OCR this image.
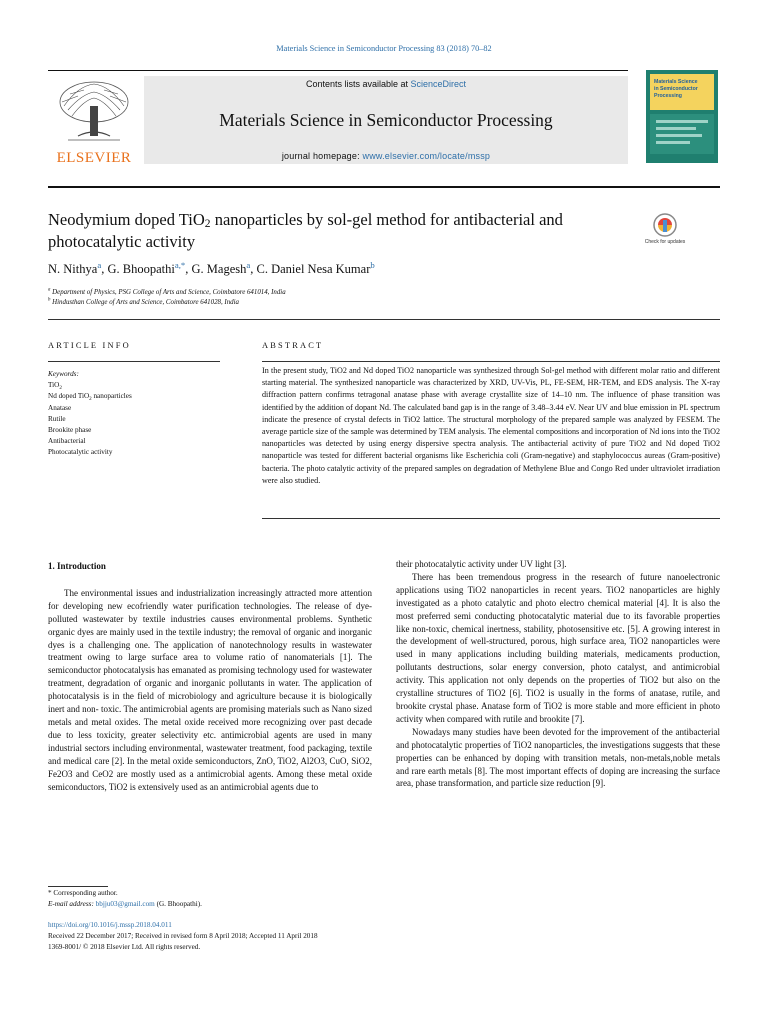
Materials Science in Semiconductor Processing 83 (2018) 70–82
ELSEVIER
Contents lists available at ScienceDirect
Materials Science in Semiconductor Processing
journal homepage: www.elsevier.com/locate/mssp
Materials Science
in Semiconductor
Processing
Neodymium doped TiO$_2$ nanoparticles by sol-gel method for antibacterial and photocatalytic activity	Check for updates
N. Nithya$^a$, G. Bhoopathi$^{a,*}$, G. Magesh$^a$, C. Daniel Nesa Kumar$^b$
$^a$ Department of Physics, PSG College of Arts and Science, Coimbatore 641014, India
$^b$ Hindusthan College of Arts and Science, Coimbatore 641028, India
ARTICLE INFO	ABSTRACT
Keywords:
TiO$_2$
Nd doped TiO$_2$ nanoparticles
Anatase
Rutile
Brookite phase
Antibacterial
Photocatalytic activity
In the present study, TiO2 and Nd doped TiO2 nanoparticle was synthesized through Sol-gel method with different molar ratio and different starting material. The synthesized nanoparticle was characterized by XRD, UV-Vis, PL, FE-SEM, HR-TEM, and EDS analysis. The X-ray diffraction pattern confirms tetragonal anatase phase with average crystallite size of 14–10 nm. The influence of phase transition was identified by the addition of dopant Nd. The calculated band gap is in the range of 3.48–3.44 eV. Near UV and blue emission in PL spectrum indicate the presence of crystal defects in TiO2 lattice. The structural morphology of the prepared sample was analyzed by FESEM. The average particle size of the sample was determined by TEM analysis. The elemental compositions and incorporation of Nd ions into the TiO2 nanoparticles was detected by using energy dispersive spectra analysis. The antibacterial activity of pure TiO2 and Nd doped TiO2 nanoparticle was tested for different bacterial organisms like Escherichia coli (Gram-negative) and staphylococcus aureas (Gram-positive) bacteria. The photo catalytic activity of the prepared samples on degradation of Methylene Blue and Congo Red under ultraviolet irradiation were also studied.
1. Introduction

The environmental issues and industrialization increasingly attracted more attention for developing new ecofriendly water purification technologies. The release of dye-polluted wastewater by textile industries causes environmental problems. Synthetic organic dyes are mainly used in the textile industry; the removal of organic and inorganic dyes is a challenging one. The application of nanotechnology results in wastewater treatment owing to large surface area to volume ratio of nanomaterials [1]. The semiconductor photocatalysis has emanated as promising technology used for wastewater treatment, degradation of organic and inorganic pollutants in water. The application of photocatalysis is in the field of microbiology and agriculture because it is biologically inert and non- toxic. The antimicrobial agents are promising materials such as Nano sized metals and metal oxides. The metal oxide received more recognizing over past decade due to less toxicity, greater selectivity etc. antimicrobial agents are used in many industrial sectors including environmental, wastewater treatment, food packaging, textile and medical care [2]. In the metal oxide semiconductors, ZnO, TiO2, Al2O3, CuO, SiO2, Fe2O3 and CeO2 are mostly used as a antimicrobial agents. Among these metal oxide semiconductors, TiO2 is extensively used as an antimicrobial agents due to

their photocatalytic activity under UV light [3].

There has been tremendous progress in the research of future nanoelectronic applications using TiO2 nanoparticles in recent years. TiO2 nanoparticles are highly investigated as a photo catalytic and photo electro chemical material [4]. It is also the most preferred semi conducting photocatalytic material due to its favorable properties like non-toxic, chemical inertness, stability, photosensitive etc. [5]. A growing interest in the development of well-structured, porous, high surface area, TiO2 nanoparticles were used in many applications including building materials, medicaments production, pollutants destructions, solar energy conversion, photo catalyst, and antimicrobial activity. This application not only depends on the properties of TiO2 but also on the crystalline structures of TiO2 [6]. TiO2 is usually in the forms of anatase, rutile, and brookite crystal phase. Anatase form of TiO2 is more stable and more efficient in photo activity when compared with rutile and brookite [7].

Nowadays many studies have been devoted for the improvement of the antibacterial and photocatalytic properties of TiO2 nanoparticles, the investigations suggests that these properties can be enhanced by doping with transition metals, non-metals,noble metals and rare earth metals [8]. The most important effects of doping are increasing the surface area, phase transformation, and particle size reduction [9].

* Corresponding author.
E-mail address: bbjju03@gmail.com (G. Bhoopathi).
https://doi.org/10.1016/j.mssp.2018.04.011
Received 22 December 2017; Received in revised form 8 April 2018; Accepted 11 April 2018
1369-8001/ © 2018 Elsevier Ltd. All rights reserved.
